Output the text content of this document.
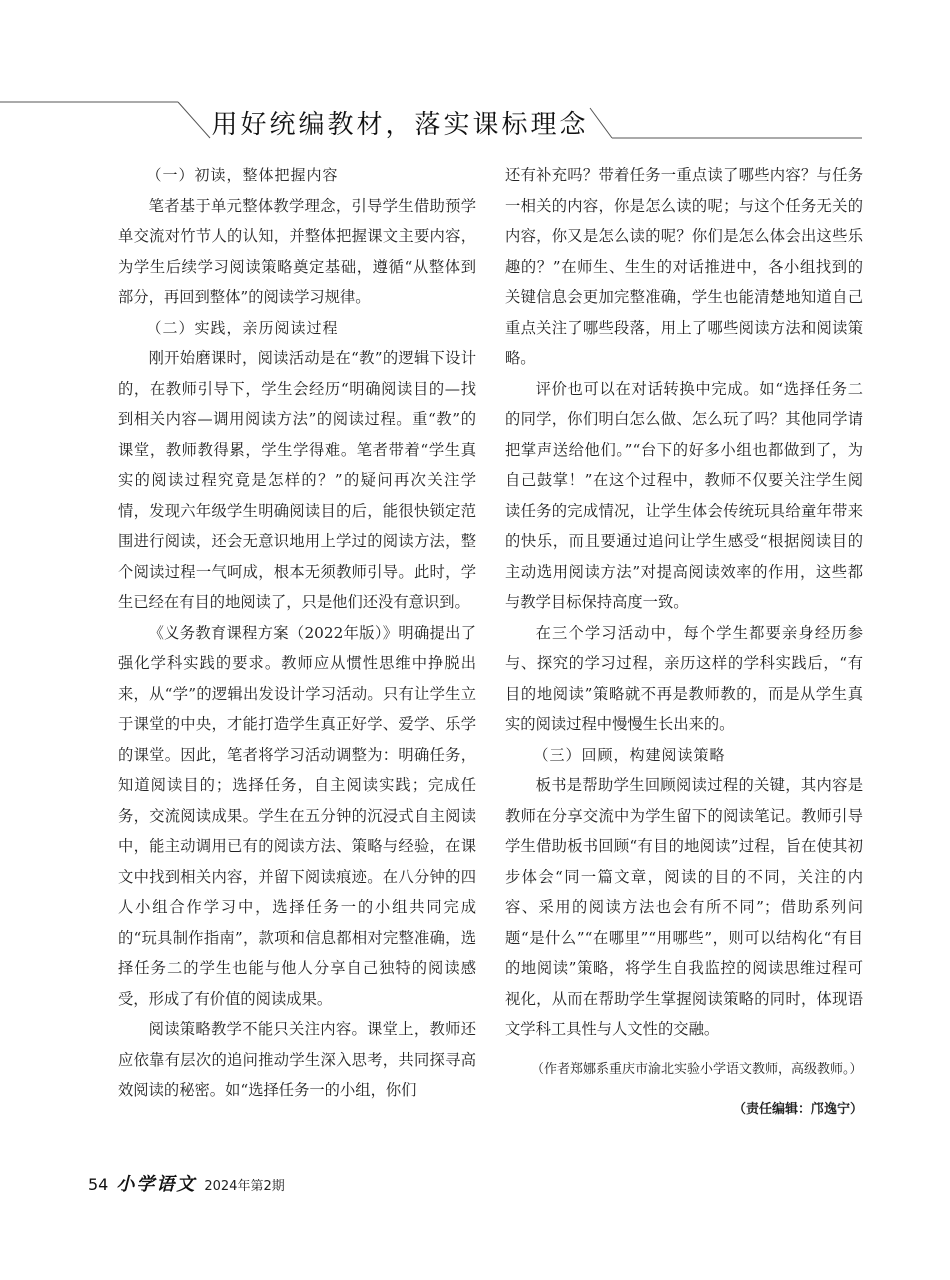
用好统编教材，落实课标理念

（一）初读，整体把握内容

笔者基于单元整体教学理念，引导学生借助预学单交流对竹节人的认知，并整体把握课文主要内容，为学生后续学习阅读策略奠定基础，遵循“从整体到部分，再回到整体”的阅读学习规律。

（二）实践，亲历阅读过程

刚开始磨课时，阅读活动是在“教”的逻辑下设计的，在教师引导下，学生会经历“明确阅读目的—找到相关内容—调用阅读方法”的阅读过程。重“教”的课堂，教师教得累，学生学得难。笔者带着“学生真实的阅读过程究竟是怎样的？”的疑问再次关注学情，发现六年级学生明确阅读目的后，能很快锁定范围进行阅读，还会无意识地用上学过的阅读方法，整个阅读过程一气呵成，根本无须教师引导。此时，学生已经在有目的地阅读了，只是他们还没有意识到。

《义务教育课程方案（2022年版）》明确提出了强化学科实践的要求。教师应从惯性思维中挣脱出来，从“学”的逻辑出发设计学习活动。只有让学生立于课堂的中央，才能打造学生真正好学、爱学、乐学的课堂。因此，笔者将学习活动调整为：明确任务，知道阅读目的；选择任务，自主阅读实践；完成任务，交流阅读成果。学生在五分钟的沉浸式自主阅读中，能主动调用已有的阅读方法、策略与经验，在课文中找到相关内容，并留下阅读痕迹。在八分钟的四人小组合作学习中，选择任务一的小组共同完成的“玩具制作指南”，款项和信息都相对完整准确，选择任务二的学生也能与他人分享自己独特的阅读感受，形成了有价值的阅读成果。

阅读策略教学不能只关注内容。课堂上，教师还应依靠有层次的追问推动学生深入思考，共同探寻高效阅读的秘密。如“选择任务一的小组，你们

还有补充吗？带着任务一重点读了哪些内容？与任务一相关的内容，你是怎么读的呢；与这个任务无关的内容，你又是怎么读的呢？你们是怎么体会出这些乐趣的？”在师生、生生的对话推进中，各小组找到的关键信息会更加完整准确，学生也能清楚地知道自己重点关注了哪些段落，用上了哪些阅读方法和阅读策略。

评价也可以在对话转换中完成。如“选择任务二的同学，你们明白怎么做、怎么玩了吗？其他同学请把掌声送给他们。”“台下的好多小组也都做到了，为自己鼓掌！”在这个过程中，教师不仅要关注学生阅读任务的完成情况，让学生体会传统玩具给童年带来的快乐，而且要通过追问让学生感受“根据阅读目的主动选用阅读方法”对提高阅读效率的作用，这些都与教学目标保持高度一致。

在三个学习活动中，每个学生都要亲身经历参与、探究的学习过程，亲历这样的学科实践后，“有目的地阅读”策略就不再是教师教的，而是从学生真实的阅读过程中慢慢生长出来的。

（三）回顾，构建阅读策略

板书是帮助学生回顾阅读过程的关键，其内容是教师在分享交流中为学生留下的阅读笔记。教师引导学生借助板书回顾“有目的地阅读”过程，旨在使其初步体会“同一篇文章，阅读的目的不同，关注的内容、采用的阅读方法也会有所不同”；借助系列问题“是什么”“在哪里”“用哪些”，则可以结构化“有目的地阅读”策略，将学生自我监控的阅读思维过程可视化，从而在帮助学生掌握阅读策略的同时，体现语文学科工具性与人文性的交融。

（作者郑娜系重庆市渝北实验小学语文教师，高级教师。）

（责任编辑：邝逸宁）
54 小学语文 2024年第2期
